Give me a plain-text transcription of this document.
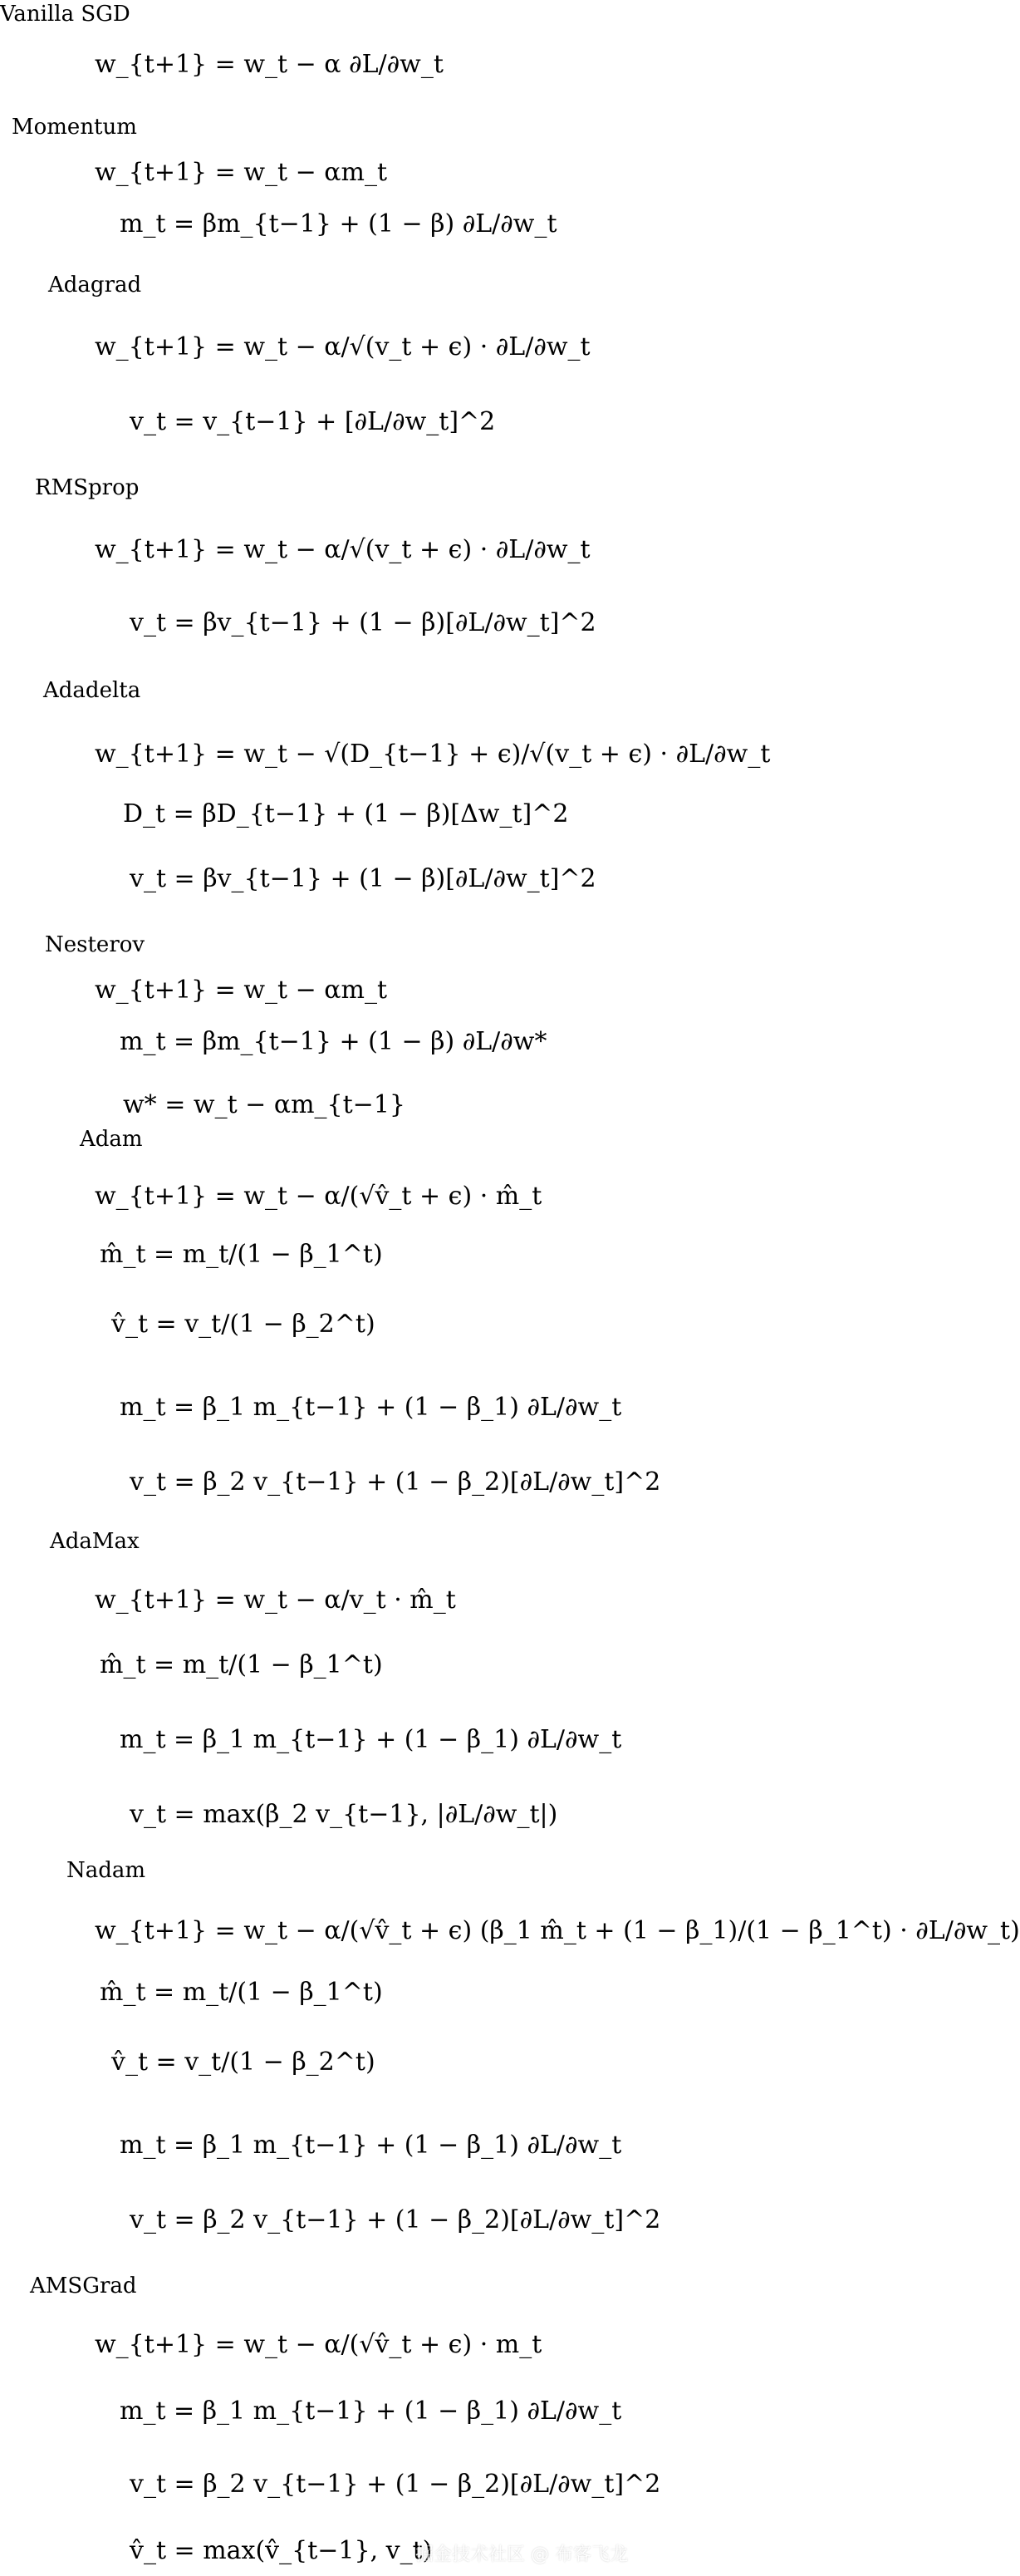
Vanilla SGD
Momentum
Adagrad
RMSprop
Adadelta
Nesterov
Adam
AdaMax
Nadam
AMSGrad
w_{t+1} = w_t − α ∂L/∂w_t
w_{t+1} = w_t − αm_t
m_t = βm_{t−1} + (1 − β) ∂L/∂w_t
w_{t+1} = w_t − α/√(v_t + ϵ) · ∂L/∂w_t
v_t = v_{t−1} + [∂L/∂w_t]^2
w_{t+1} = w_t − α/√(v_t + ϵ) · ∂L/∂w_t
v_t = βv_{t−1} + (1 − β)[∂L/∂w_t]^2
w_{t+1} = w_t − √(D_{t−1} + ϵ)/√(v_t + ϵ) · ∂L/∂w_t
D_t = βD_{t−1} + (1 − β)[Δw_t]^2
v_t = βv_{t−1} + (1 − β)[∂L/∂w_t]^2
w_{t+1} = w_t − αm_t
m_t = βm_{t−1} + (1 − β) ∂L/∂w*
w* = w_t − αm_{t−1}
w_{t+1} = w_t − α/(√v̂_t + ϵ) · m̂_t
m̂_t = m_t/(1 − β_1^t)
v̂_t = v_t/(1 − β_2^t)
m_t = β_1 m_{t−1} + (1 − β_1) ∂L/∂w_t
v_t = β_2 v_{t−1} + (1 − β_2)[∂L/∂w_t]^2
w_{t+1} = w_t − α/v_t · m̂_t
m̂_t = m_t/(1 − β_1^t)
m_t = β_1 m_{t−1} + (1 − β_1) ∂L/∂w_t
v_t = max(β_2 v_{t−1}, |∂L/∂w_t|)
w_{t+1} = w_t − α/(√v̂_t + ϵ) (β_1 m̂_t + (1 − β_1)/(1 − β_1^t) · ∂L/∂w_t)
m̂_t = m_t/(1 − β_1^t)
v̂_t = v_t/(1 − β_2^t)
m_t = β_1 m_{t−1} + (1 − β_1) ∂L/∂w_t
v_t = β_2 v_{t−1} + (1 − β_2)[∂L/∂w_t]^2
w_{t+1} = w_t − α/(√v̂_t + ϵ) · m_t
m_t = β_1 m_{t−1} + (1 − β_1) ∂L/∂w_t
v_t = β_2 v_{t−1} + (1 − β_2)[∂L/∂w_t]^2
v̂_t = max(v̂_{t−1}, v_t)
掘金技术社区 @ 布客飞龙
